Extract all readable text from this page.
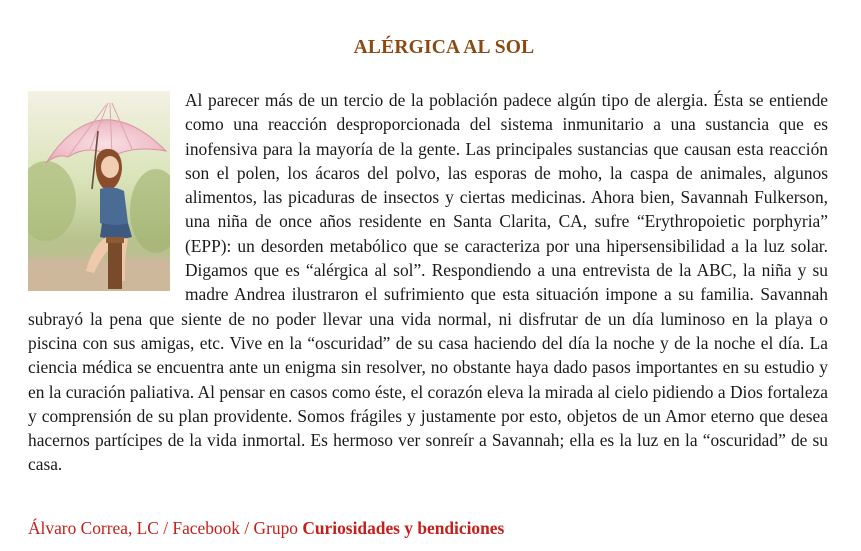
ALÉRGICA AL SOL

Al parecer más de un tercio de la población padece algún tipo de alergia. Ésta se entiende como una reacción desproporcionada del sistema inmunitario a una sustancia que es inofensiva para la mayoría de la gente. Las principales sustancias que causan esta reacción son el polen, los ácaros del polvo, las esporas de moho, la caspa de animales, algunos alimentos, las picaduras de insectos y ciertas medicinas. Ahora bien, Savannah Fulkerson, una niña de once años residente en Santa Clarita, CA, sufre “Erythropoietic porphyria” (EPP): un desorden metabólico que se caracteriza por una hipersensibilidad a la luz solar. Digamos que es “alérgica al sol”. Respondiendo a una entrevista de la ABC, la niña y su madre Andrea ilustraron el sufrimiento que esta situación impone a su familia. Savannah subrayó la pena que siente de no poder llevar una vida normal, ni disfrutar de un día luminoso en la playa o piscina con sus amigas, etc. Vive en la “oscuridad” de su casa haciendo del día la noche y de la noche el día. La ciencia médica se encuentra ante un enigma sin resolver, no obstante haya dado pasos importantes en su estudio y en la curación paliativa. Al pensar en casos como éste, el corazón eleva la mirada al cielo pidiendo a Dios fortaleza y comprensión de su plan providente. Somos frágiles y justamente por esto, objetos de un Amor eterno que desea hacernos partícipes de la vida inmortal. Es hermoso ver sonreír a Savannah; ella es la luz en la “oscuridad” de su casa.

Álvaro Correa, LC / Facebook / Grupo Curiosidades y bendiciones
